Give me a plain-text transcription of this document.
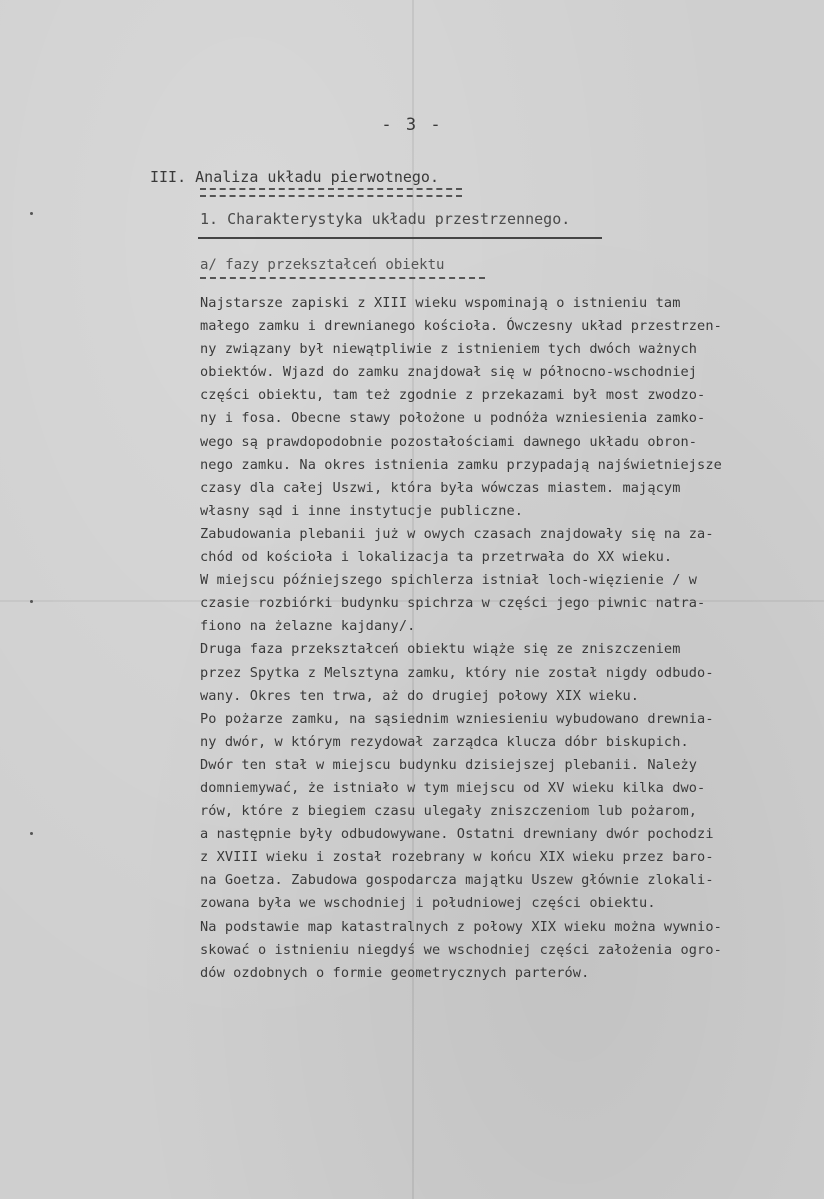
- 3 -
III. Analiza układu pierwotnego.
1. Charakterystyka układu przestrzennego.
a/ fazy przekształceń obiektu
Najstarsze zapiski z XIII wieku wspominają o istnieniu tam
małego zamku i drewnianego kościoła. Ówczesny układ przestrzen-
ny związany był niewątpliwie z istnieniem tych dwóch ważnych
obiektów. Wjazd do zamku znajdował się w północno-wschodniej
części obiektu, tam też zgodnie z przekazami był most zwodzo-
ny i fosa. Obecne stawy położone u podnóża wzniesienia zamko-
wego są prawdopodobnie pozostałościami dawnego układu obron-
nego zamku. Na okres istnienia zamku przypadają najświetniejsze
czasy dla całej Uszwi, która była wówczas miastem. mającym
własny sąd i inne instytucje publiczne.
Zabudowania plebanii już w owych czasach znajdowały się na za-
chód od kościoła i lokalizacja ta przetrwała do XX wieku.
W miejscu późniejszego spichlerza istniał loch-więzienie / w
czasie rozbiórki budynku spichrza w części jego piwnic natra-
fiono na żelazne kajdany/.
Druga faza przekształceń obiektu wiąże się ze zniszczeniem
przez Spytka z Melsztyna zamku, który nie został nigdy odbudo-
wany. Okres ten trwa, aż do drugiej połowy XIX wieku.
Po pożarze zamku, na sąsiednim wzniesieniu wybudowano drewnia-
ny dwór, w którym rezydował zarządca klucza dóbr biskupich.
Dwór ten stał w miejscu budynku dzisiejszej plebanii. Należy
domniemywać, że istniało w tym miejscu od XV wieku kilka dwo-
rów, które z biegiem czasu ulegały zniszczeniom lub pożarom,
a następnie były odbudowywane. Ostatni drewniany dwór pochodzi
z XVIII wieku i został rozebrany w końcu XIX wieku przez baro-
na Goetza. Zabudowa gospodarcza majątku Uszew głównie zlokali-
zowana była we wschodniej i południowej części obiektu.
Na podstawie map katastralnych z połowy XIX wieku można wywnio-
skować o istnieniu niegdyś we wschodniej części założenia ogro-
dów ozdobnych o formie geometrycznych parterów.
